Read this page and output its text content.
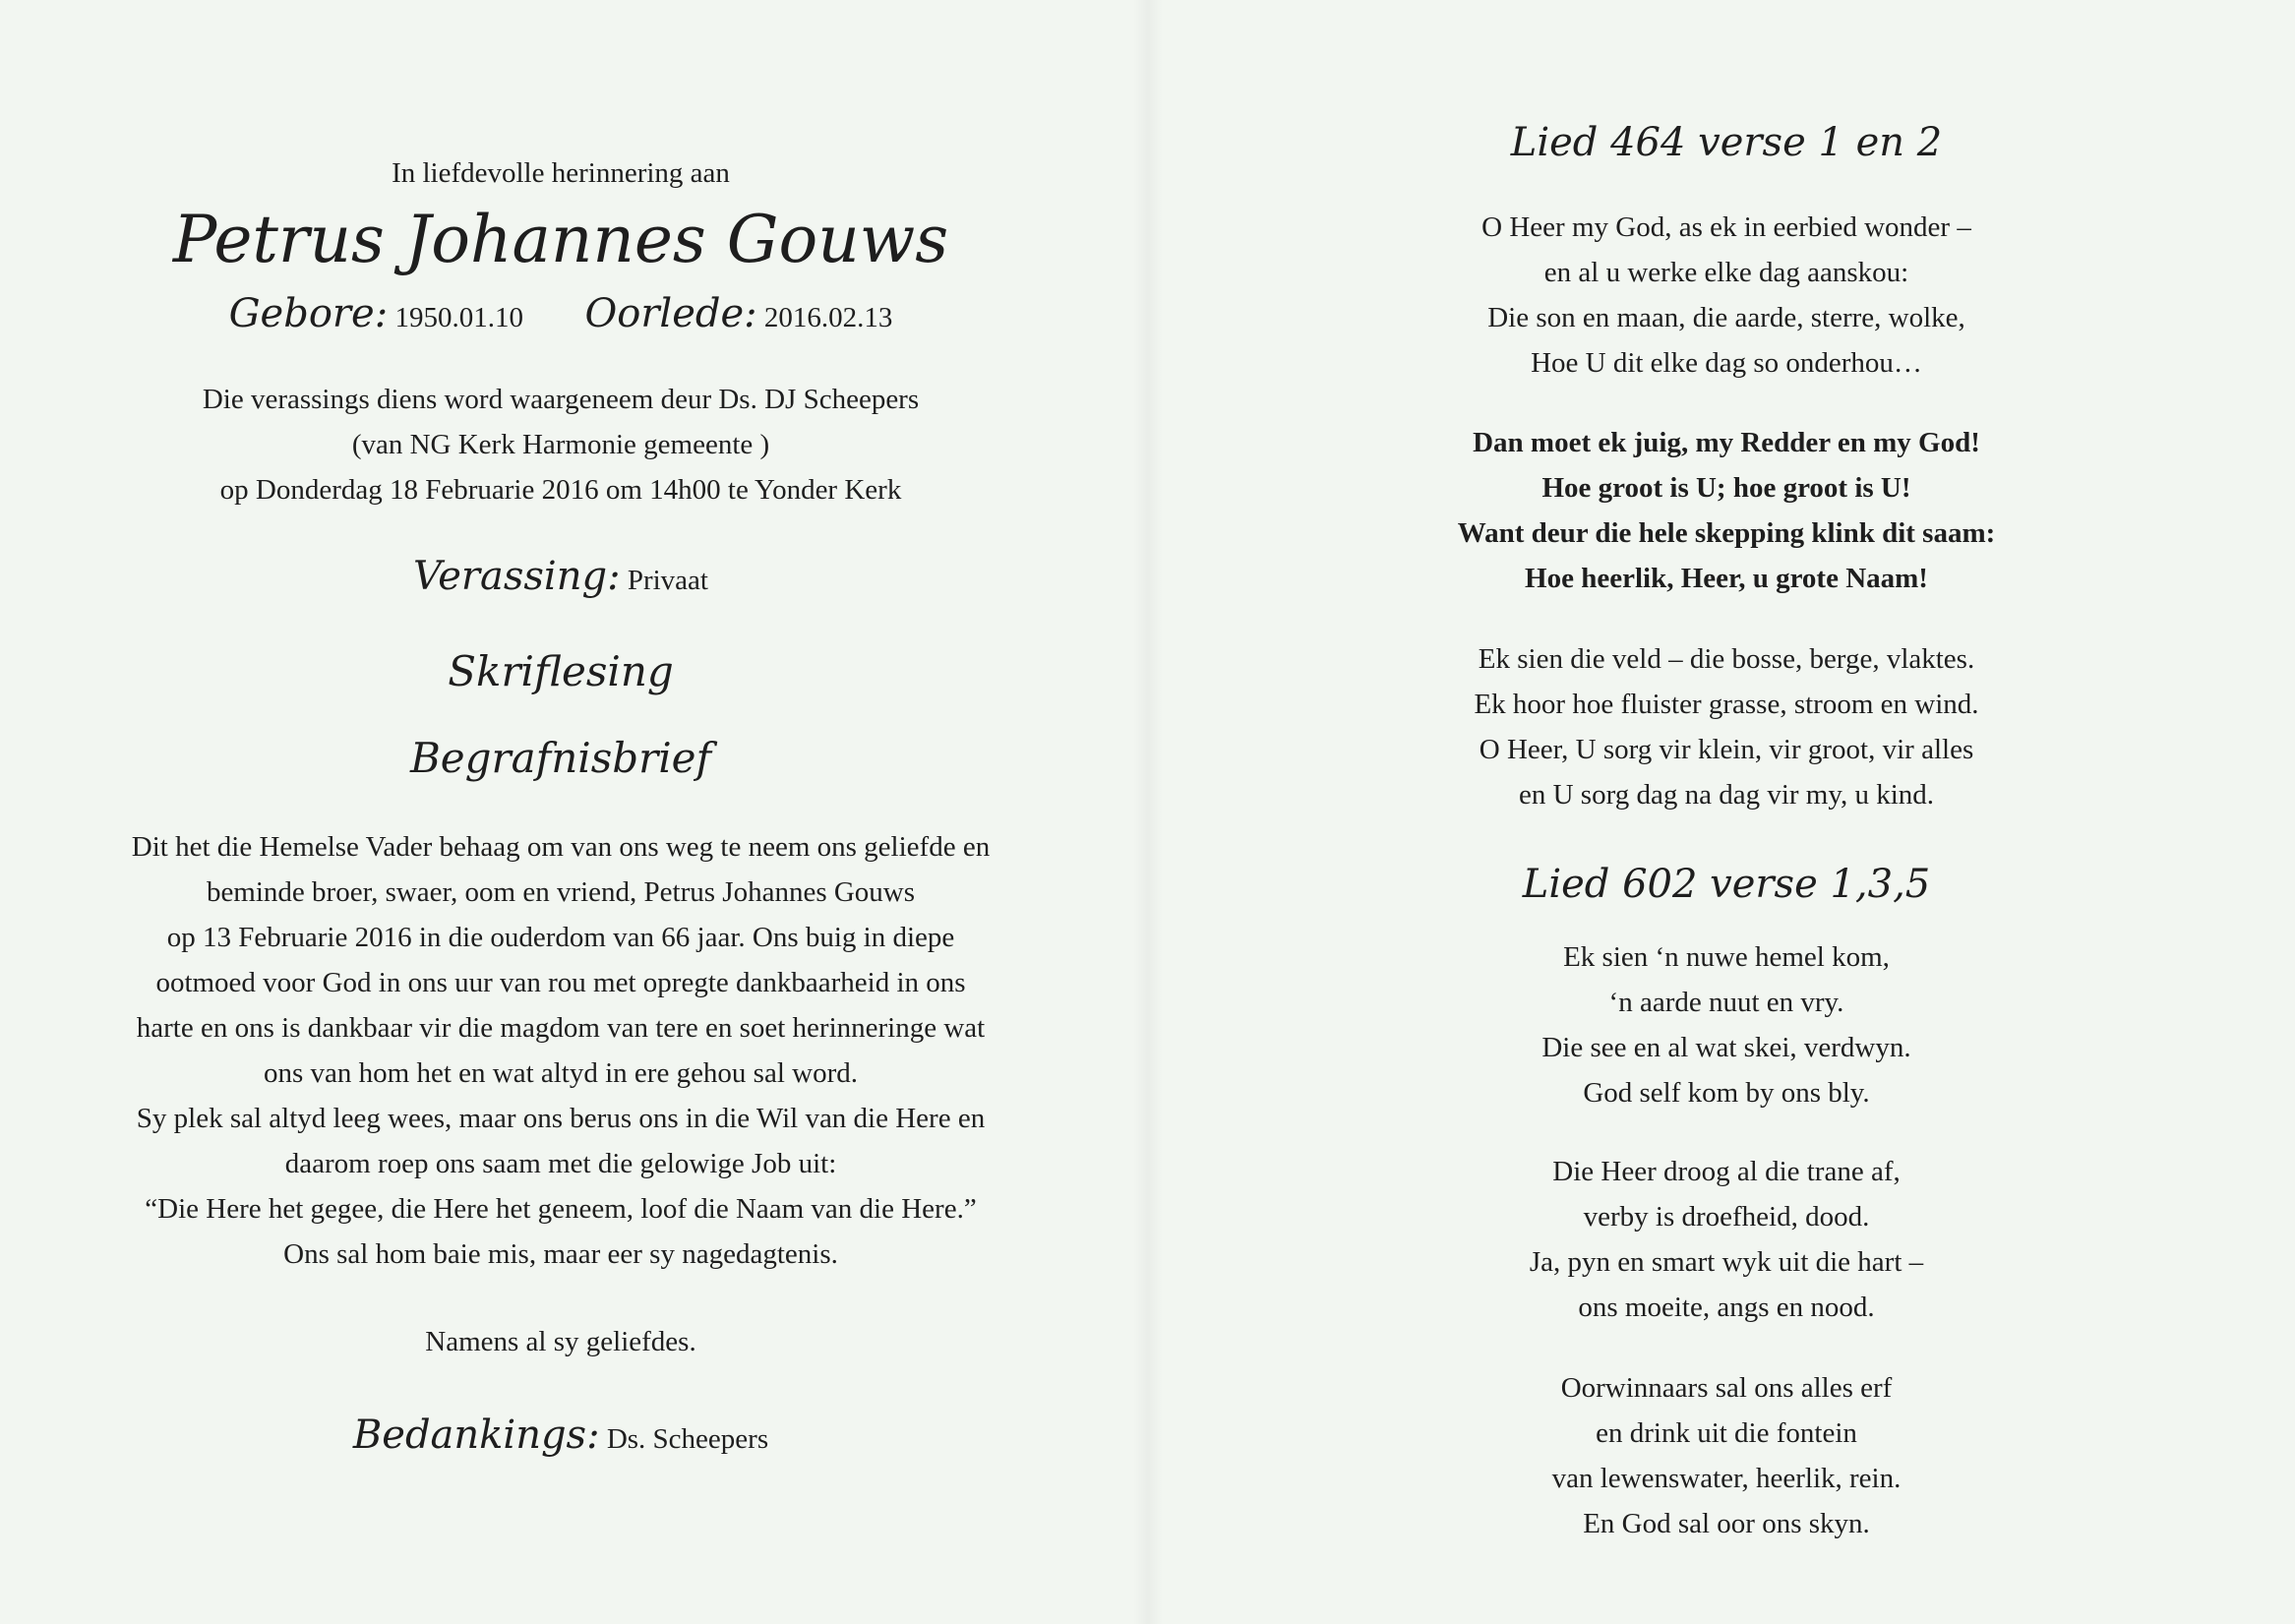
In liefdevolle herinnering aan
Petrus Johannes Gouws
Gebore: 1950.01.10 Oorlede: 2016.02.13
Die verassings diens word waargeneem deur Ds. DJ Scheepers
(van NG Kerk Harmonie gemeente )
op Donderdag 18 Februarie 2016 om 14h00 te Yonder Kerk
Verassing: Privaat
Skriflesing
Begrafnisbrief
Dit het die Hemelse Vader behaag om van ons weg te neem ons geliefde en
beminde broer, swaer, oom en vriend, Petrus Johannes Gouws
op 13 Februarie 2016 in die ouderdom van 66 jaar. Ons buig in diepe
ootmoed voor God in ons uur van rou met opregte dankbaarheid in ons
harte en ons is dankbaar vir die magdom van tere en soet herinneringe wat
ons van hom het en wat altyd in ere gehou sal word.
Sy plek sal altyd leeg wees, maar ons berus ons in die Wil van die Here en
daarom roep ons saam met die gelowige Job uit:
“Die Here het gegee, die Here het geneem, loof die Naam van die Here.”
Ons sal hom baie mis, maar eer sy nagedagtenis.
Namens al sy geliefdes.
Bedankings: Ds. Scheepers
Lied 464 verse 1 en 2
O Heer my God, as ek in eerbied wonder –
en al u werke elke dag aanskou:
Die son en maan, die aarde, sterre, wolke,
Hoe U dit elke dag so onderhou…
Dan moet ek juig, my Redder en my God!
Hoe groot is U; hoe groot is U!
Want deur die hele skepping klink dit saam:
Hoe heerlik, Heer, u grote Naam!
Ek sien die veld – die bosse, berge, vlaktes.
Ek hoor hoe fluister grasse, stroom en wind.
O Heer, U sorg vir klein, vir groot, vir alles
en U sorg dag na dag vir my, u kind.
Lied 602 verse 1,3,5
Ek sien ‘n nuwe hemel kom,
‘n aarde nuut en vry.
Die see en al wat skei, verdwyn.
God self kom by ons bly.
Die Heer droog al die trane af,
verby is droefheid, dood.
Ja, pyn en smart wyk uit die hart –
ons moeite, angs en nood.
Oorwinnaars sal ons alles erf
en drink uit die fontein
van lewenswater, heerlik, rein.
En God sal oor ons skyn.
